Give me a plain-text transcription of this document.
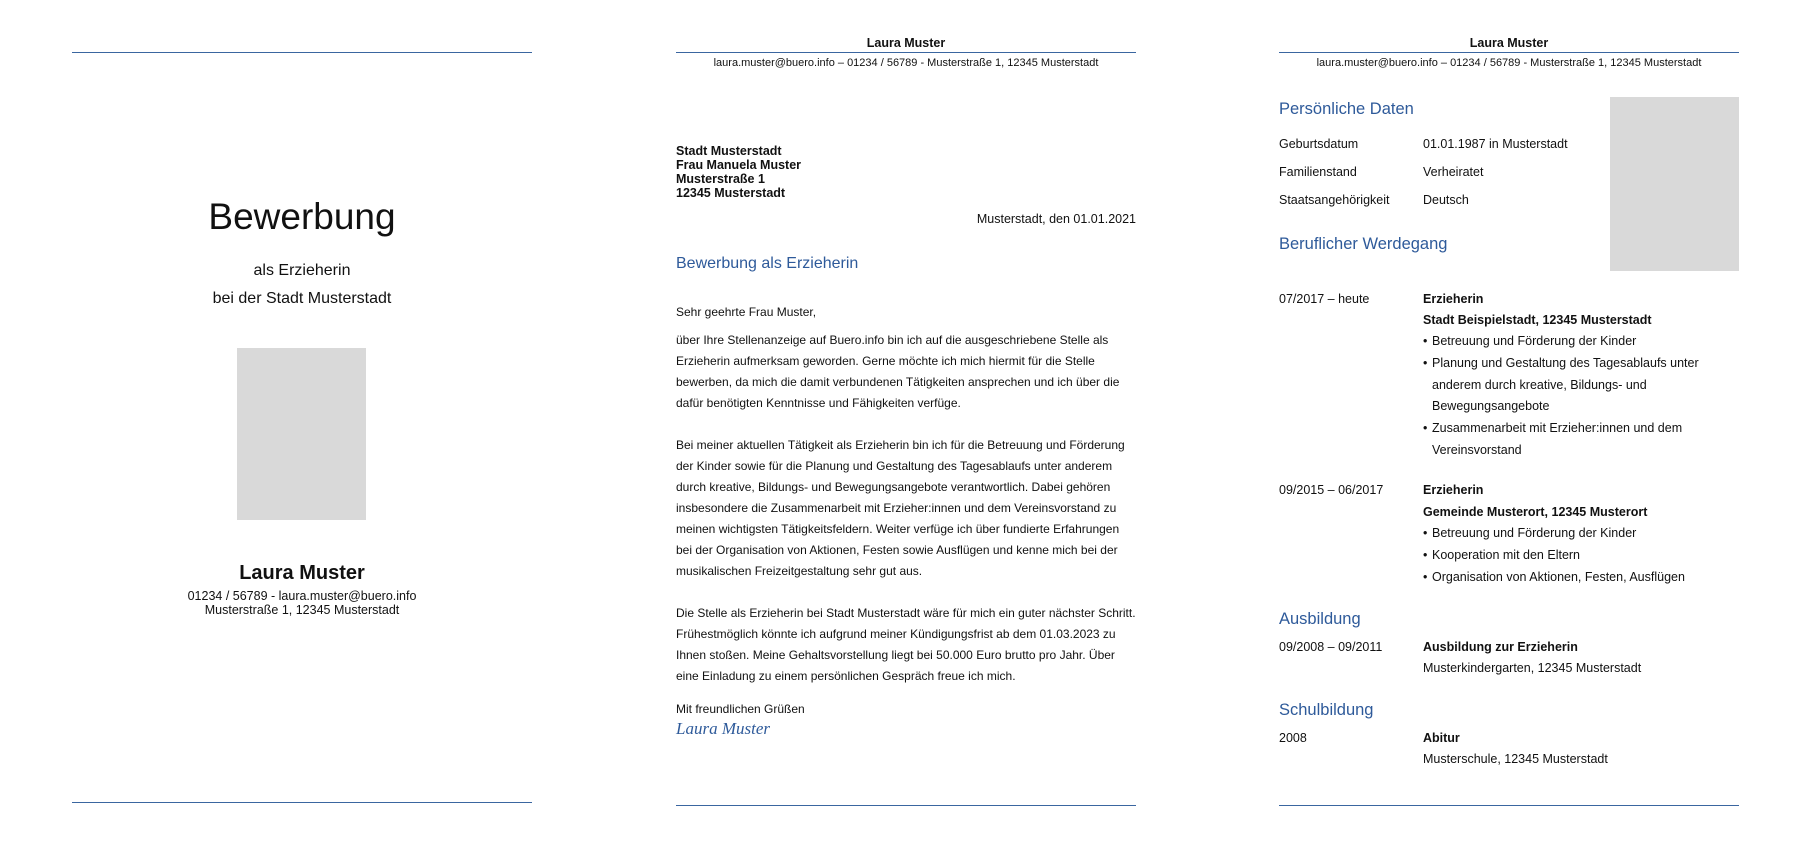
Bewerbung
als Erzieherin
bei der Stadt Musterstadt
Laura Muster
01234 / 56789 - laura.muster@buero.info
Musterstraße 1, 12345 Musterstadt
Laura Muster
laura.muster@buero.info – 01234 / 56789 - Musterstraße 1, 12345 Musterstadt
Stadt Musterstadt
Frau Manuela Muster
Musterstraße 1
12345 Musterstadt
Musterstadt, den 01.01.2021
Bewerbung als Erzieherin
Sehr geehrte Frau Muster,
über Ihre Stellenanzeige auf Buero.info bin ich auf die ausgeschriebene Stelle als Erzieherin aufmerksam geworden. Gerne möchte ich mich hiermit für die Stelle bewerben, da mich die damit verbundenen Tätigkeiten ansprechen und ich über die dafür benötigten Kenntnisse und Fähigkeiten verfüge.
Bei meiner aktuellen Tätigkeit als Erzieherin bin ich für die Betreuung und Förderung der Kinder sowie für die Planung und Gestaltung des Tagesablaufs unter anderem durch kreative, Bildungs- und Bewegungsangebote verantwortlich. Dabei gehören insbesondere die Zusammenarbeit mit Erzieher:innen und dem Vereinsvorstand zu meinen wichtigsten Tätigkeitsfeldern. Weiter verfüge ich über fundierte Erfahrungen bei der Organisation von Aktionen, Festen sowie Ausflügen und kenne mich bei der musikalischen Freizeitgestaltung sehr gut aus.
Die Stelle als Erzieherin bei Stadt Musterstadt wäre für mich ein guter nächster Schritt. Frühestmöglich könnte ich aufgrund meiner Kündigungsfrist ab dem 01.03.2023 zu Ihnen stoßen. Meine Gehaltsvorstellung liegt bei 50.000 Euro brutto pro Jahr. Über eine Einladung zu einem persönlichen Gespräch freue ich mich.
Mit freundlichen Grüßen
Laura Muster
Laura Muster
laura.muster@buero.info – 01234 / 56789 - Musterstraße 1, 12345 Musterstadt
Persönliche Daten
Geburtsdatum	01.01.1987 in Musterstadt
Familienstand	Verheiratet
Staatsangehörigkeit	Deutsch
Beruflicher Werdegang
07/2017 – heute	Erzieherin
Stadt Beispielstadt, 12345 Musterstadt
• Betreuung und Förderung der Kinder
• Planung und Gestaltung des Tagesablaufs unter anderem durch kreative, Bildungs- und Bewegungsangebote
• Zusammenarbeit mit Erzieher:innen und dem Vereinsvorstand
09/2015 – 06/2017	Erzieherin
Gemeinde Musterort, 12345 Musterort
• Betreuung und Förderung der Kinder
• Kooperation mit den Eltern
• Organisation von Aktionen, Festen, Ausflügen
Ausbildung
09/2008 – 09/2011	Ausbildung zur Erzieherin
Musterkindergarten, 12345 Musterstadt
Schulbildung
2008	Abitur
Musterschule, 12345 Musterstadt
